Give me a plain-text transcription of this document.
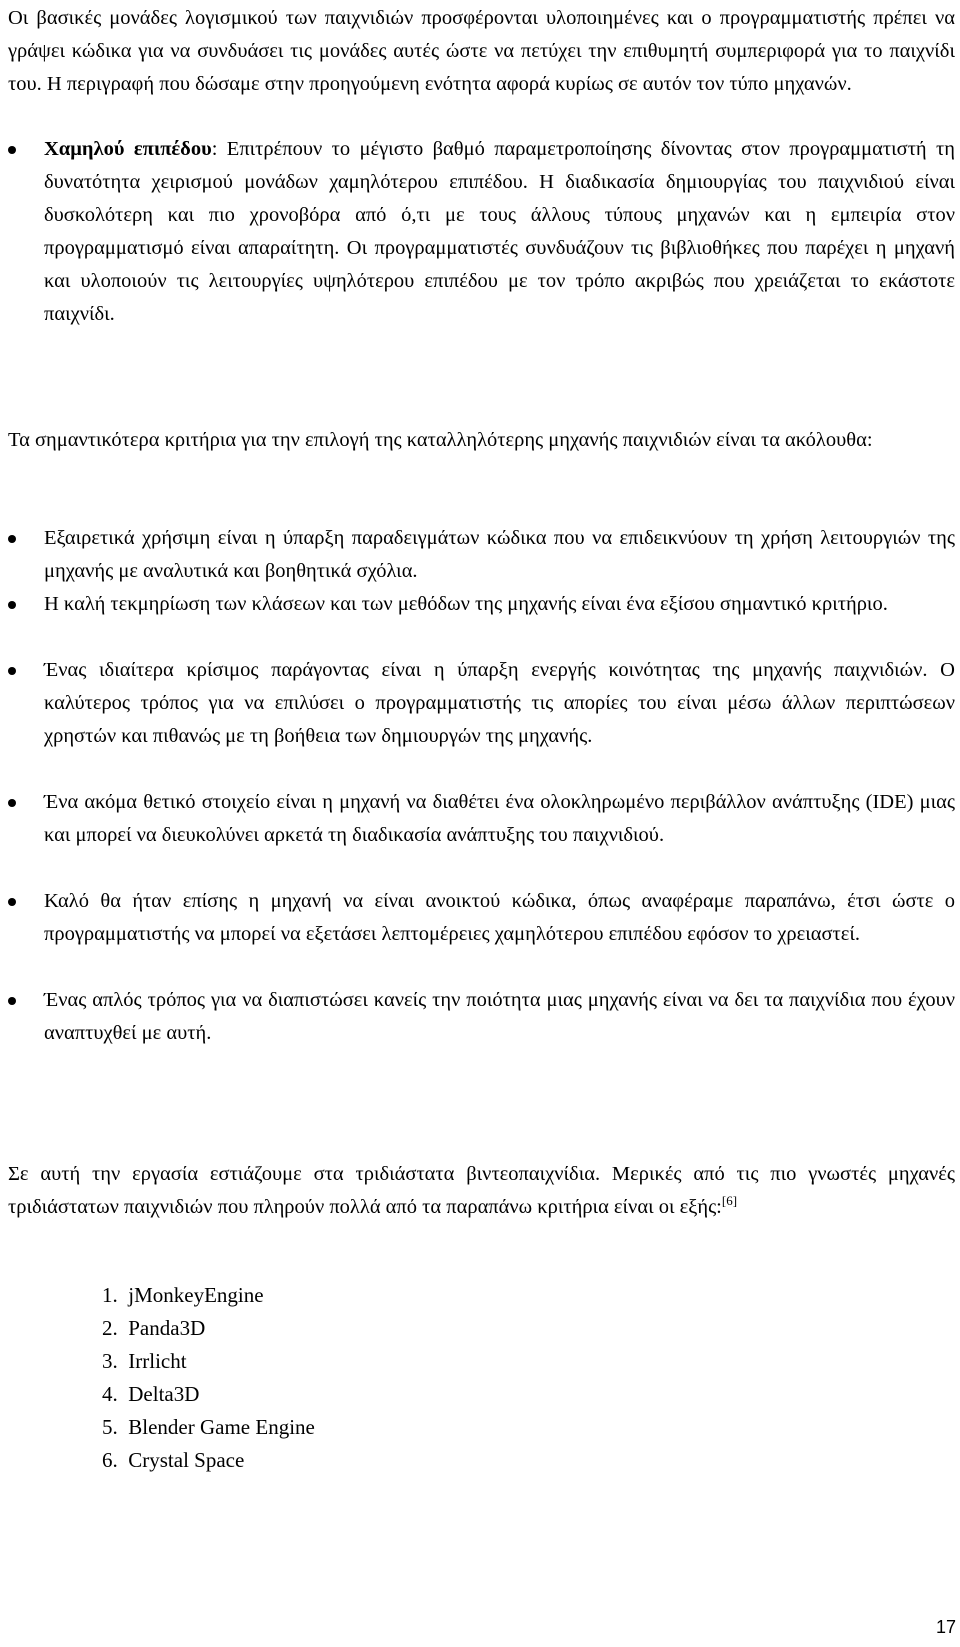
Οι βασικές μονάδες λογισμικού των παιχνιδιών προσφέρονται υλοποιημένες και ο προγραμματιστής πρέπει να γράψει κώδικα για να συνδυάσει τις μονάδες αυτές ώστε να πετύχει την επιθυμητή συμπεριφορά για το παιχνίδι του. Η περιγραφή που δώσαμε στην προηγούμενη ενότητα αφορά κυρίως σε αυτόν τον τύπο μηχανών.

Χαμηλού επιπέδου: Επιτρέπουν το μέγιστο βαθμό παραμετροποίησης δίνοντας στον προγραμματιστή τη δυνατότητα χειρισμού μονάδων χαμηλότερου επιπέδου. Η διαδικασία δημιουργίας του παιχνιδιού είναι δυσκολότερη και πιο χρονοβόρα από ό,τι με τους άλλους τύπους μηχανών και η εμπειρία στον προγραμματισμό είναι απαραίτητη. Οι προγραμματιστές συνδυάζουν τις βιβλιοθήκες που παρέχει η μηχανή και υλοποιούν τις λειτουργίες υψηλότερου επιπέδου με τον τρόπο ακριβώς που χρειάζεται το εκάστοτε παιχνίδι.

Τα σημαντικότερα κριτήρια για την επιλογή της καταλληλότερης μηχανής παιχνιδιών είναι τα ακόλουθα:

Εξαιρετικά χρήσιμη είναι η ύπαρξη παραδειγμάτων κώδικα που να επιδεικνύουν τη χρήση λειτουργιών της μηχανής με αναλυτικά και βοηθητικά σχόλια.

Η καλή τεκμηρίωση των κλάσεων και των μεθόδων της μηχανής είναι ένα εξίσου σημαντικό κριτήριο.

Ένας ιδιαίτερα κρίσιμος παράγοντας είναι η ύπαρξη ενεργής κοινότητας της μηχανής παιχνιδιών. Ο καλύτερος τρόπος για να επιλύσει ο προγραμματιστής τις απορίες του είναι μέσω άλλων περιπτώσεων χρηστών και πιθανώς με τη βοήθεια των δημιουργών της μηχανής.

Ένα ακόμα θετικό στοιχείο είναι η μηχανή να διαθέτει ένα ολοκληρωμένο περιβάλλον ανάπτυξης (IDE) μιας και μπορεί να διευκολύνει αρκετά τη διαδικασία ανάπτυξης του παιχνιδιού.

Καλό θα ήταν επίσης η μηχανή να είναι ανοικτού κώδικα, όπως αναφέραμε παραπάνω, έτσι ώστε ο προγραμματιστής να μπορεί να εξετάσει λεπτομέρειες χαμηλότερου επιπέδου εφόσον το χρειαστεί.

Ένας απλός τρόπος για να διαπιστώσει κανείς την ποιότητα μιας μηχανής είναι να δει τα παιχνίδια που έχουν αναπτυχθεί με αυτή.

Σε αυτή την εργασία εστιάζουμε στα τριδιάστατα βιντεοπαιχνίδια. Μερικές από τις πιο γνωστές μηχανές τριδιάστατων παιχνιδιών που πληρούν πολλά από τα παραπάνω κριτήρια είναι οι εξής:[6]

1. jMonkeyEngine

2. Panda3D

3. Irrlicht

4. Delta3D

5. Blender Game Engine

6. Crystal Space

17
